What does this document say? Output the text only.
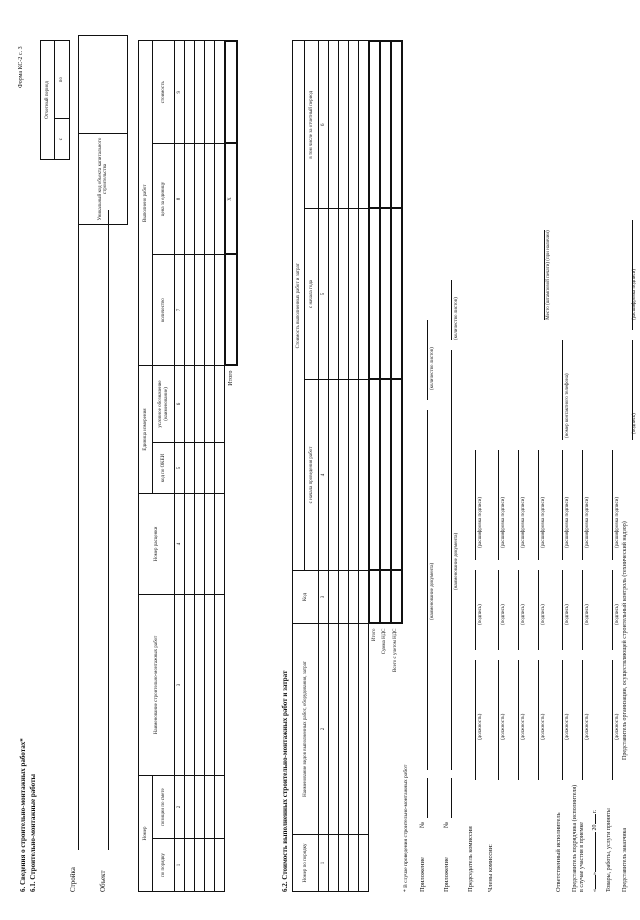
6. Сведения о строительно-монтажных работах* 6.1. Строительно-монтажные работы
Форма КС-2 с. 3
Отчетный период
с	по
Стройка	Объект
Уникальный код объекта капитального строительства	
Номер		Наименование строительно-монтажных работ	Номер расценки	Единица измерения		Выполнено работ		
по порядку	позиции по смете			код по ОКЕИ	условное обозначение (наименование)	количество	цена за единицу	стоимость
1	2	3	4	5	6	7	8	9

Итого							Х	
6.2. Стоимость выполненных строительно-монтажных работ и затрат	Номер по порядку	Наименование видов выполненных работ, оборудования, затрат	Код	Стоимость выполненных работ и затрат		
			с начала проведения работ	с начала года	в том числе за отчетный период
1	2	3	4	5	6

Итого					
Сумма НДС					
Всего с учетом НДС					
* В случае проведения строительно-монтажных работ Приложение
№
(наименование документа)
(количество листов)
Приложение
№
(наименование документа)
(количество листов)
Председатель комиссии
(должность)
(подпись)
(расшифровка подписи)
Члены комиссии:
(должность)
(подпись)
(расшифровка подписи)
(должность)
(подпись)
(расшифровка подписи)
(должность)
(подпись)
(расшифровка подписи)
Ответственный исполнитель
(должность)
(подпись)
(расшифровка подписи)
(номер контактного телефона)
Место (штамповой печати) (при наличии)
Представитель подрядчика (исполнителя) в случае участия в приемке
(должность)
(подпись)
(расшифровка подписи)
«» 20 г. Товары, работы, услуги приняты
(должность)
(подпись)
(расшифровка подписи)
Представитель заказчика
Представитель организации, осуществляющей строительный контроль (технический надзор)
(подпись)
(расшифровка подписи)
